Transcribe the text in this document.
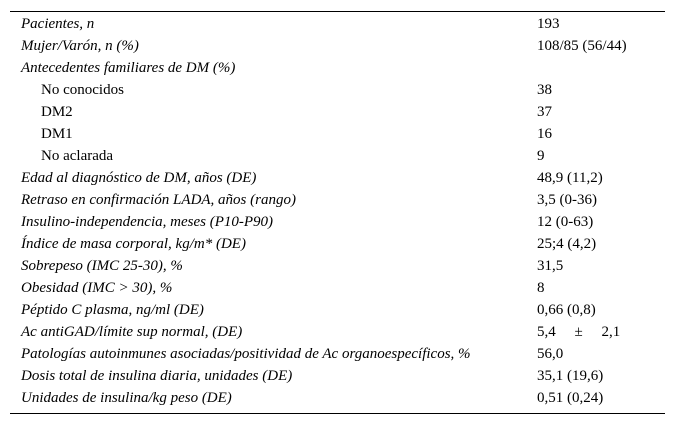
Pacientes, n	193
Mujer/Varón, n (%)	108/85 (56/44)
Antecedentes familiares de DM (%)
No conocidos	38
DM2	37
DM1	16
No aclarada	9
Edad al diagnóstico de DM, años (DE)	48,9 (11,2)
Retraso en confirmación LADA, años (rango)	3,5 (0-36)
Insulino-independencia, meses (P10-P90)	12 (0-63)
Índice de masa corporal, kg/m* (DE)	25;4 (4,2)
Sobrepeso (IMC 25-30), %	31,5
Obesidad (IMC > 30), %	8
Péptido C plasma, ng/ml (DE)	0,66 (0,8)
Ac antiGAD/límite sup normal, (DE)	5,4     ±     2,1
Patologías autoinmunes asociadas/positividad de Ac organoespecíficos, %	56,0
Dosis total de insulina diaria, unidades (DE)	35,1 (19,6)
Unidades de insulina/kg peso (DE)	0,51 (0,24)
